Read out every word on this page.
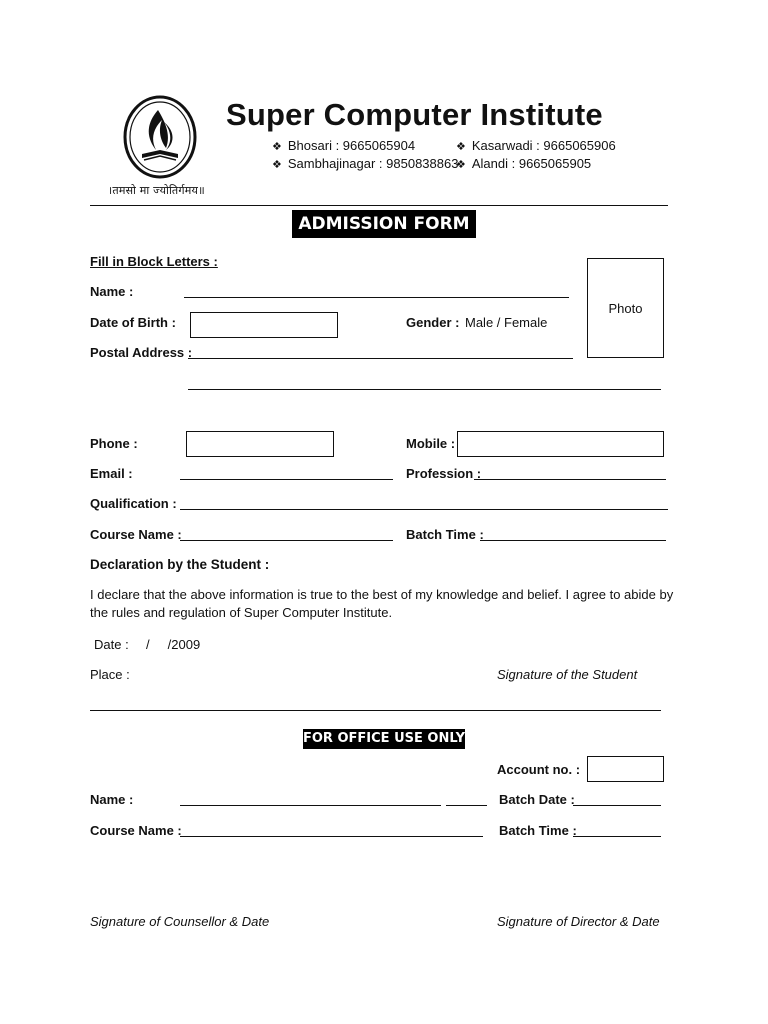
।तमसो मा ज्योतिर्गमय॥
Super Computer Institute
❖ Bhosari : 9665065904	❖ Kasarwadi : 9665065906
❖ Sambhajinagar : 9850838863
❖ Alandi : 9665065905
ADMISSION FORM
Fill in Block Letters :
Photo
Name :
Date of Birth :	Gender : Male / Female
Postal Address :
Phone :	Mobile :
Email :	Profession :
Qualification :
Course Name :	Batch Time :
Declaration by the Student :
I declare that the above information is true to the best of my knowledge and belief. I agree to abide by the rules and regulation of Super Computer Institute.
Date : /     /2009
Place :	Signature of the Student
FOR OFFICE USE ONLY :
Account no. :
Name :	Batch Date :
Course Name :	Batch Time :
Signature of Counsellor & Date	Signature of Director & Date
